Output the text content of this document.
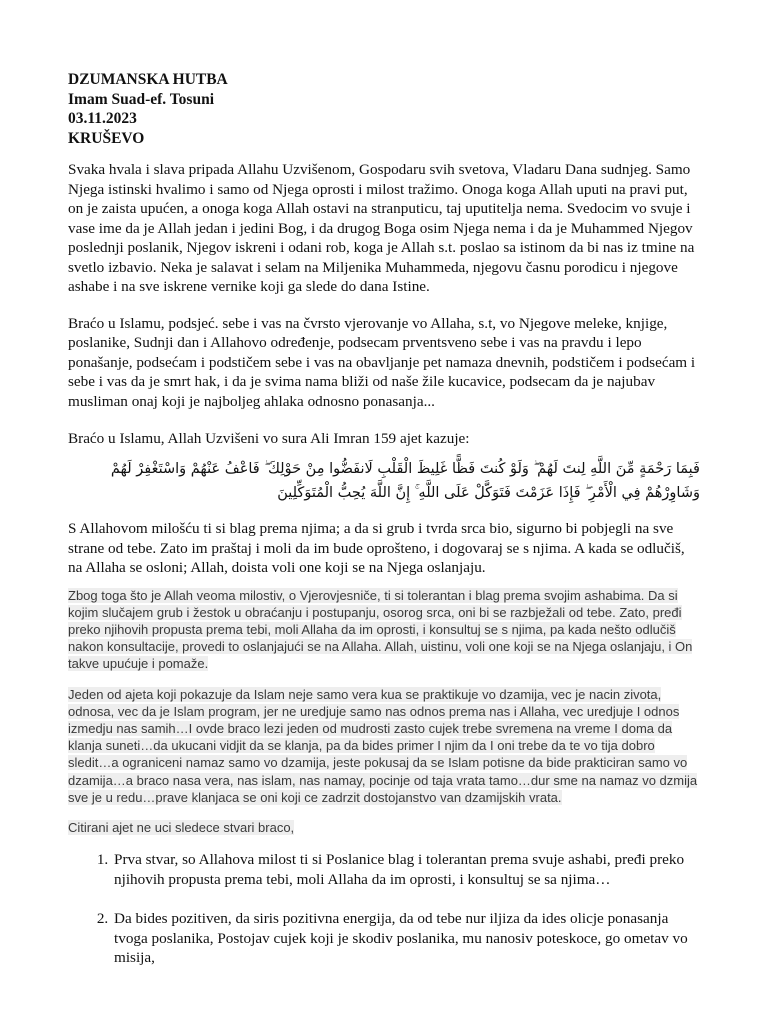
DZUMANSKA HUTBA
Imam Suad-ef. Tosuni
03.11.2023
KRUŠEVO

Svaka hvala i slava pripada Allahu Uzvišenom, Gospodaru svih svetova, Vladaru Dana sudnjeg. Samo Njega istinski hvalimo i samo od Njega oprosti i milost tražimo. Onoga koga Allah uputi na pravi put, on je zaista upućen, a onoga koga Allah ostavi na stranputicu, taj uputitelja nema. Svedocim vo svuje i vase ime da je Allah jedan i jedini Bog, i da drugog Boga osim Njega nema i da je Muhammed Njegov poslednji poslanik, Njegov iskreni i odani rob, koga je Allah s.t. poslao sa istinom da bi nas iz tmine na svetlo izbavio. Neka je salavat i selam na Miljenika Muhammeda, njegovu časnu porodicu i njegove ashabe i na sve iskrene vernike koji ga slede do dana Istine.

Braćo u Islamu, podsjeć. sebe i vas na čvrsto vjerovanje vo Allaha, s.t, vo Njegove meleke, knjige, poslanike, Sudnji dan i Allahovo određenje, podsecam prventsveno sebe i vas na pravdu i lepo ponašanje, podsećam i podstičem sebe i vas na obavljanje pet namaza dnevnih, podstičem i podsećam i sebe i vas da je smrt hak, i da je svima nama bliži od naše žile kucavice, podsecam da je najubav musliman onaj koji je najboljeg ahlaka odnosno ponasanja...

Braćo u Islamu, Allah Uzvišeni vo sura Ali Imran 159 ajet kazuje:

فَبِمَا رَحْمَةٍ مِّنَ اللَّهِ لِنتَ لَهُمْ ۖ وَلَوْ كُنتَ فَظًّا غَلِيظَ الْقَلْبِ لَانفَضُّوا مِنْ حَوْلِكَ ۖ فَاعْفُ عَنْهُمْ وَاسْتَغْفِرْ لَهُمْ وَشَاوِرْهُمْ فِي الْأَمْرِ ۖ فَإِذَا عَزَمْتَ فَتَوَكَّلْ عَلَى اللَّهِ ۚ إِنَّ اللَّهَ يُحِبُّ الْمُتَوَكِّلِينَ

S Allahovom milošću ti si blag prema njima; a da si grub i tvrda srca bio, sigurno bi pobjegli na sve strane od tebe. Zato im praštaj i moli da im bude oprošteno, i dogovaraj se s njima. A kada se odlučiš, na Allaha se osloni; Allah, doista voli one koji se na Njega oslanjaju.

Zbog toga što je Allah veoma milostiv, o Vjerovjesniče, ti si tolerantan i blag prema svojim ashabima. Da si kojim slučajem grub i žestok u obraćanju i postupanju, osorog srca, oni bi se razbježali od tebe. Zato, pređi preko njihovih propusta prema tebi, moli Allaha da im oprosti, i konsultuj se s njima, pa kada nešto odlučiš nakon konsultacije, provedi to oslanjajući se na Allaha. Allah, uistinu, voli one koji se na Njega oslanjaju, i On takve upućuje i pomaže.

Jeden od ajeta koji pokazuje da Islam neje samo vera kua se praktikuje vo dzamija, vec je nacin zivota, odnosa, vec da je Islam program, jer ne uredjuje samo nas odnos prema nas i Allaha, vec uredjuje I odnos izmedju nas samih…I ovde braco lezi jeden od mudrosti zasto cujek trebe svremena na vreme I doma da klanja suneti…da ukucani vidjit da se klanja, pa da bides primer I njim da I oni trebe da te vo tija dobro sledit…a ograniceni namaz samo vo dzamija, jeste pokusaj da se Islam potisne da bide prakticiran samo vo dzamija…a braco nasa vera, nas islam, nas namay, pocinje od taja vrata tamo…dur sme na namaz vo dzmija sve je u redu…prave klanjaca se oni koji ce zadrzit dostojanstvo van dzamijskih vrata.

Citirani ajet ne uci sledece stvari braco,

1. Prva stvar, so Allahova milost ti si Poslanice blag i tolerantan prema svuje ashabi, pređi preko njihovih propusta prema tebi, moli Allaha da im oprosti, i konsultuj se sa njima…
2. Da bides pozitiven, da siris pozitivna energija, da od tebe nur iljiza da ides olicje ponasanja tvoga poslanika, Postojav cujek koji je skodiv poslanika, mu nanosiv poteskoce, go ometav vo misija,
